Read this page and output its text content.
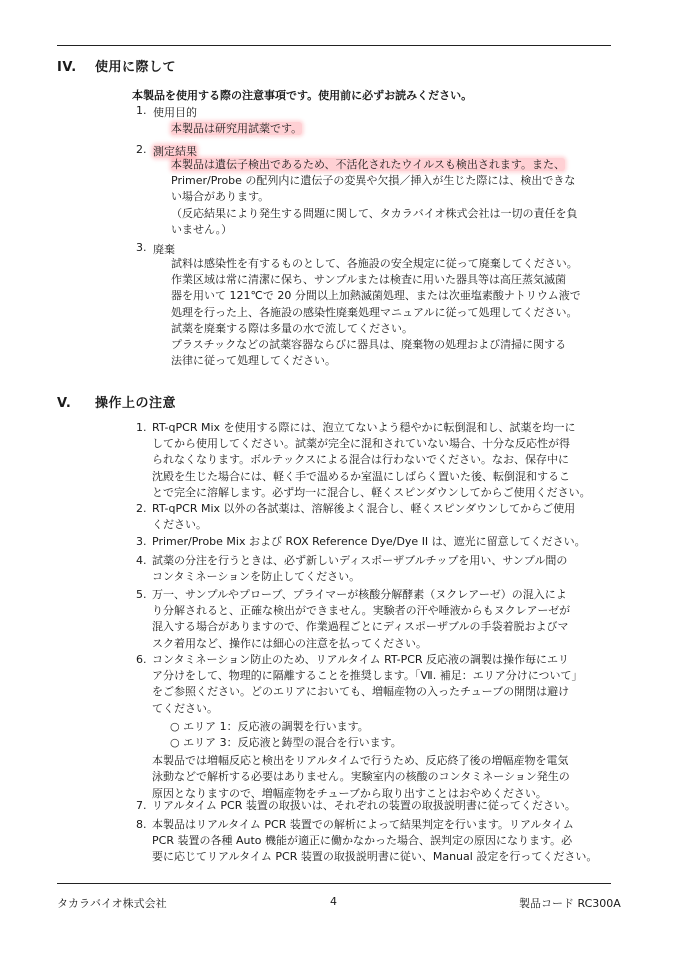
IV. 使用に際して
本製品を使用する際の注意事項です。使用前に必ずお読みください。
1. 使用目的
本製品は研究用試薬です。
2. 測定結果
本製品は遺伝子検出であるため、不活化されたウイルスも検出されます。また、
Primer/Probe の配列内に遺伝子の変異や欠損／挿入が生じた際には、検出できな
い場合があります。
（反応結果により発生する問題に関して、タカラバイオ株式会社は一切の責任を負
いません。）
3. 廃棄
試料は感染性を有するものとして、各施設の安全規定に従って廃棄してください。
作業区域は常に清潔に保ち、サンプルまたは検査に用いた器具等は高圧蒸気滅菌
器を用いて 121℃で 20 分間以上加熱滅菌処理、または次亜塩素酸ナトリウム液で
処理を行った上、各施設の感染性廃棄処理マニュアルに従って処理してください。
試薬を廃棄する際は多量の水で流してください。
プラスチックなどの試薬容器ならびに器具は、廃棄物の処理および清掃に関する
法律に従って処理してください。
V. 操作上の注意
1. RT-qPCR Mix を使用する際には、泡立てないよう穏やかに転倒混和し、試薬を均一に
してから使用してください。試薬が完全に混和されていない場合、十分な反応性が得
られなくなります。ボルテックスによる混合は行わないでください。なお、保存中に
沈殿を生じた場合には、軽く手で温めるか室温にしばらく置いた後、転倒混和するこ
とで完全に溶解します。必ず均一に混合し、軽くスピンダウンしてからご使用ください。
2. RT-qPCR Mix 以外の各試薬は、溶解後よく混合し、軽くスピンダウンしてからご使用
ください。
3. Primer/Probe Mix および ROX Reference Dye/Dye II は、遮光に留意してください。
4. 試薬の分注を行うときは、必ず新しいディスポーザブルチップを用い、サンプル間の
コンタミネーションを防止してください。
5. 万一、サンプルやプローブ、プライマーが核酸分解酵素（ヌクレアーゼ）の混入によ
り分解されると、正確な検出ができません。実験者の汗や唾液からもヌクレアーゼが
混入する場合がありますので、作業過程ごとにディスポーザブルの手袋着脱およびマ
スク着用など、操作には細心の注意を払ってください。
6. コンタミネーション防止のため、リアルタイム RT-PCR 反応液の調製は操作毎にエリ
ア分けをして、物理的に隔離することを推奨します。「Ⅶ. 補足：エリア分けについて」
をご参照ください。どのエリアにおいても、増幅産物の入ったチューブの開閉は避け
てください。
○ エリア 1：反応液の調製を行います。
○ エリア 3：反応液と鋳型の混合を行います。
本製品では増幅反応と検出をリアルタイムで行うため、反応終了後の増幅産物を電気
泳動などで解析する必要はありません。実験室内の核酸のコンタミネーション発生の
原因となりますので、増幅産物をチューブから取り出すことはおやめください。
7. リアルタイム PCR 装置の取扱いは、それぞれの装置の取扱説明書に従ってください。
8. 本製品はリアルタイム PCR 装置での解析によって結果判定を行います。リアルタイム
PCR 装置の各種 Auto 機能が適正に働かなかった場合、誤判定の原因になります。必
要に応じてリアルタイム PCR 装置の取扱説明書に従い、Manual 設定を行ってください。
タカラバイオ株式会社	4	製品コード RC300A
